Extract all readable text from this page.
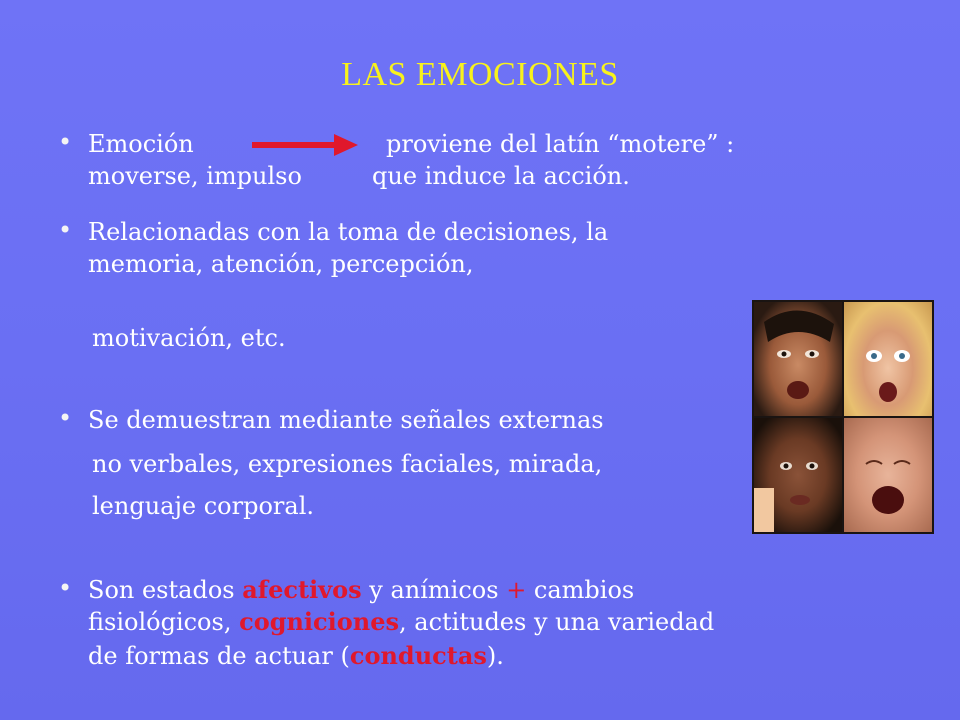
LAS EMOCIONES
• Emoción	proviene del latín “motere” :
moverse, impulso	que induce la acción.
• Relacionadas con la toma de decisiones, la
memoria, atención, percepción,
motivación, etc.
• Se demuestran mediante señales externas
no verbales, expresiones faciales, mirada,
lenguaje corporal.
• Son estados afectivos y anímicos + cambios
fisiológicos, cogniciones, actitudes y una variedad
de formas de actuar (conductas).
